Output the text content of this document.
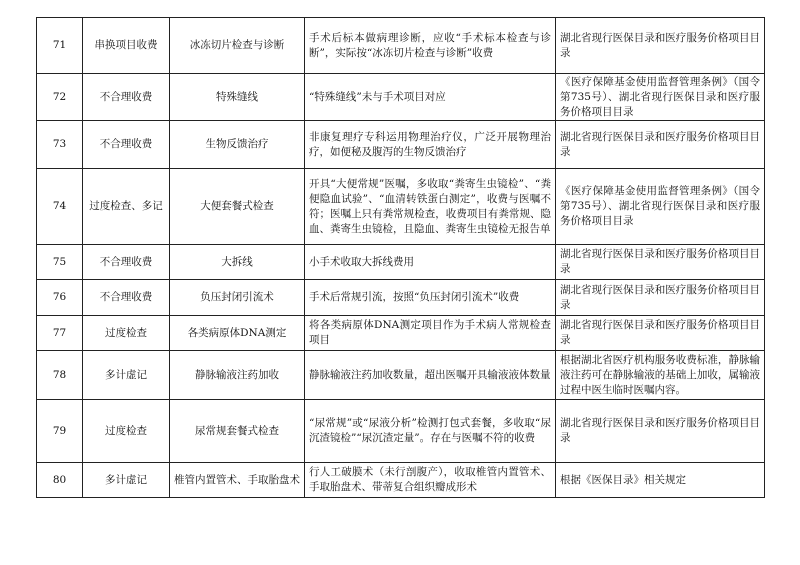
71	串换项目收费	冰冻切片检查与诊断	手术后标本做病理诊断，应收“手术标本检查与诊断”，实际按“冰冻切片检查与诊断”收费	湖北省现行医保目录和医疗服务价格项目目录
72	不合理收费	特殊缝线	“特殊缝线”未与手术项目对应	《医疗保障基金使用监督管理条例》（国令第735号）、湖北省现行医保目录和医疗服务价格项目目录
73	不合理收费	生物反馈治疗	非康复理疗专科运用物理治疗仪，广泛开展物理治疗，如便秘及腹泻的生物反馈治疗	湖北省现行医保目录和医疗服务价格项目目录
74	过度检查、多记	大便套餐式检查	开具“大便常规”医嘱，多收取“粪寄生虫镜检”、“粪便隐血试验”、“血清转铁蛋白测定”，收费与医嘱不符；医嘱上只有粪常规检查，收费项目有粪常规、隐血、粪寄生虫镜检，且隐血、粪寄生虫镜检无报告单	《医疗保障基金使用监督管理条例》（国令第735号）、湖北省现行医保目录和医疗服务价格项目目录
75	不合理收费	大拆线	小手术收取大拆线费用	湖北省现行医保目录和医疗服务价格项目目录
76	不合理收费	负压封闭引流术	手术后常规引流，按照“负压封闭引流术”收费	湖北省现行医保目录和医疗服务价格项目目录
77	过度检查	各类病原体DNA测定	将各类病原体DNA测定项目作为手术病人常规检查项目	湖北省现行医保目录和医疗服务价格项目目录
78	多计虚记	静脉输液注药加收	静脉输液注药加收数量，超出医嘱开具输液液体数量	根据湖北省医疗机构服务收费标准，静脉输液注药可在静脉输液的基础上加收，属输液过程中医生临时医嘱内容。
79	过度检查	尿常规套餐式检查	“尿常规”或“尿液分析”检测打包式套餐，多收取“尿沉渣镜检”“尿沉渣定量”。存在与医嘱不符的收费	湖北省现行医保目录和医疗服务价格项目目录
80	多计虚记	椎管内置管术、手取胎盘术	行人工破膜术（未行剖腹产），收取椎管内置管术、手取胎盘术、带蒂复合组织瓣成形术	根据《医保目录》相关规定
